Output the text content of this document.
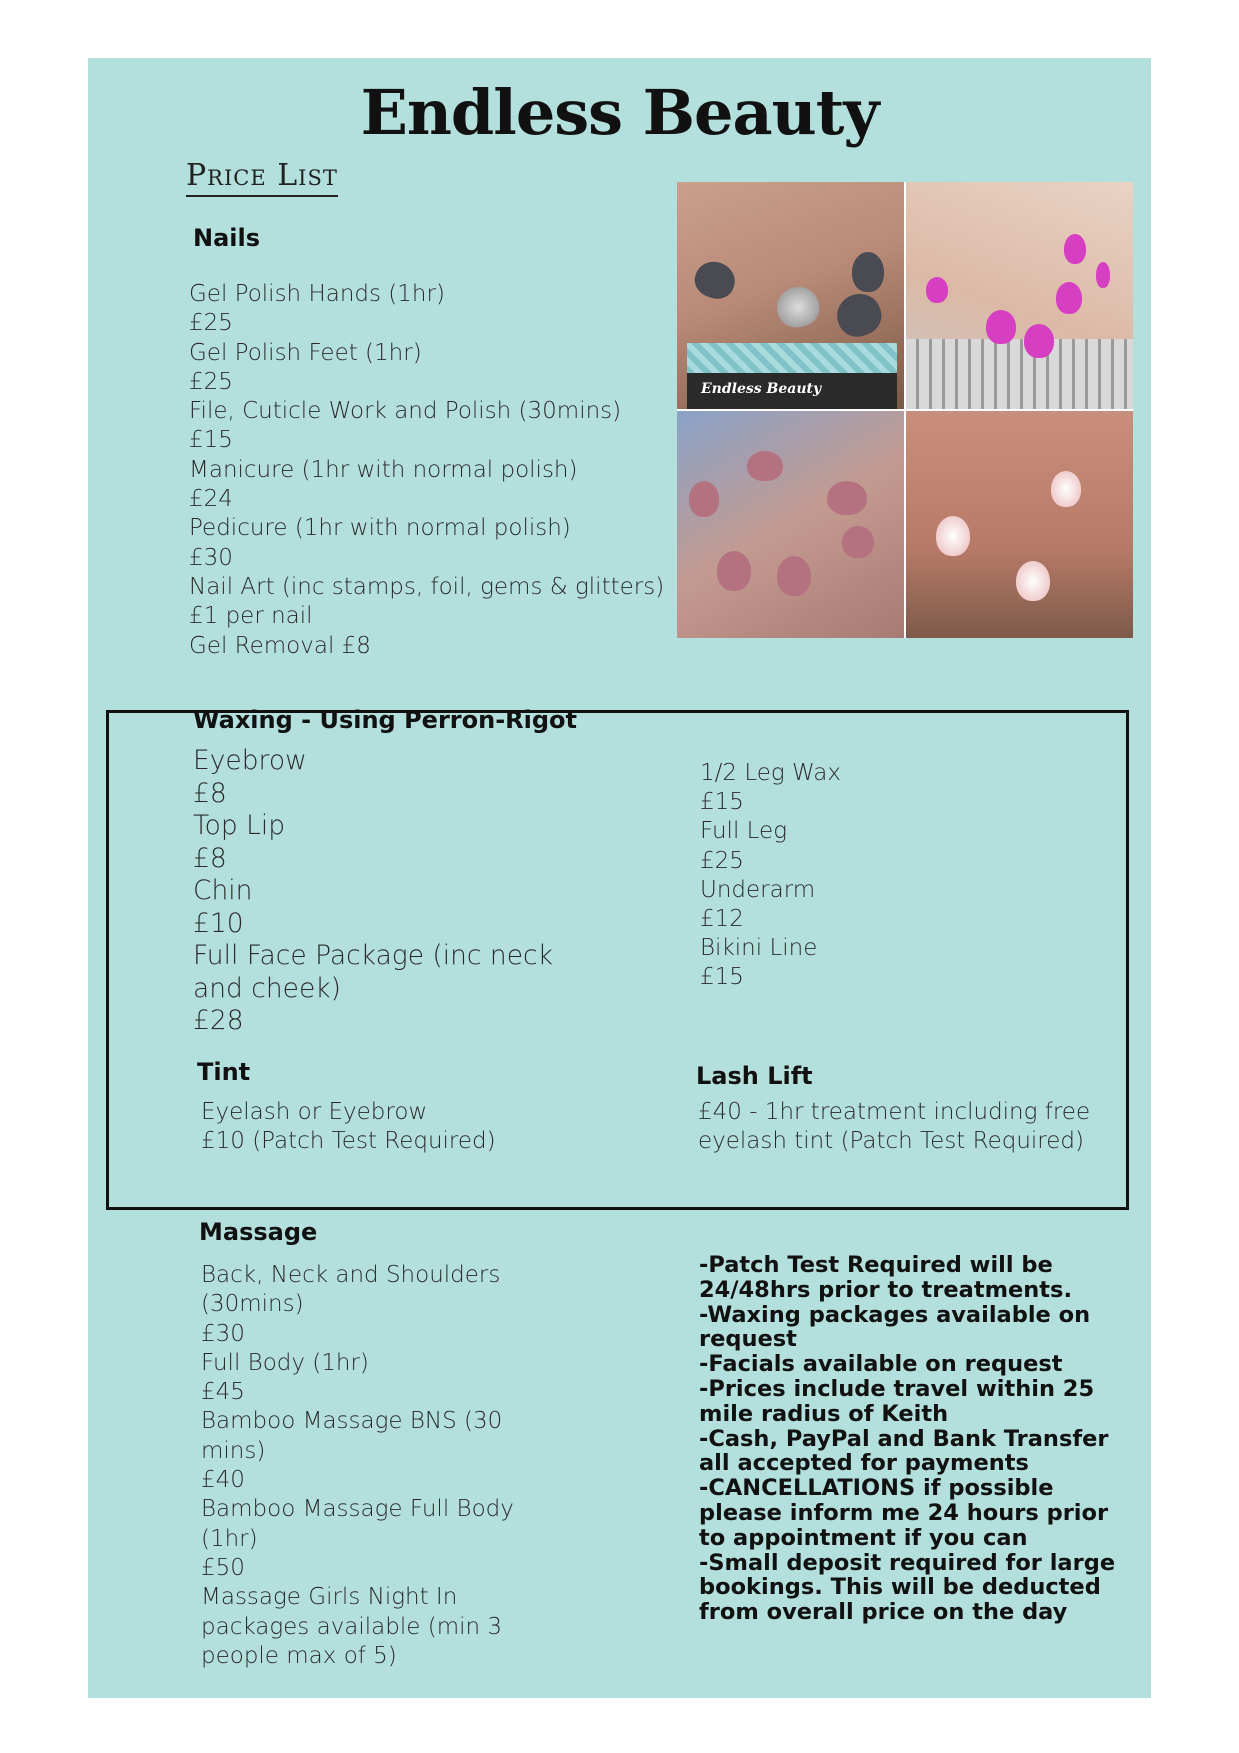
Endless Beauty
Price List
Nails
Gel Polish Hands (1hr)
£25
Gel Polish Feet (1hr)
£25
File, Cuticle Work and Polish (30mins)
£15
Manicure (1hr with normal polish)
£24
Pedicure (1hr with normal polish)
£30
Nail Art (inc stamps, foil, gems & glitters)
£1 per nail
Gel Removal £8
Endless Beauty
Waxing - Using Perron-Rigot
Eyebrow
£8
Top Lip
£8
Chin
£10
Full Face Package (inc neck and cheek)
£28
1/2 Leg Wax
£15
Full Leg
£25
Underarm
£12
Bikini Line
£15
Tint
Eyelash or Eyebrow
£10 (Patch Test Required)
Lash Lift
£40 - 1hr treatment including free eyelash tint (Patch Test Required)
Massage
Back, Neck and Shoulders (30mins)
£30
Full Body (1hr)
£45
Bamboo Massage BNS (30 mins)
£40
Bamboo Massage Full Body (1hr)
£50
Massage Girls Night In packages available (min 3 people max of 5)
-Patch Test Required will be 24/48hrs prior to treatments.
-Waxing packages available on request
-Facials available on request
-Prices include travel within 25 mile radius of Keith
-Cash, PayPal and Bank Transfer all accepted for payments
-CANCELLATIONS if possible please inform me 24 hours prior to appointment if you can
-Small deposit required for large bookings. This will be deducted from overall price on the day
